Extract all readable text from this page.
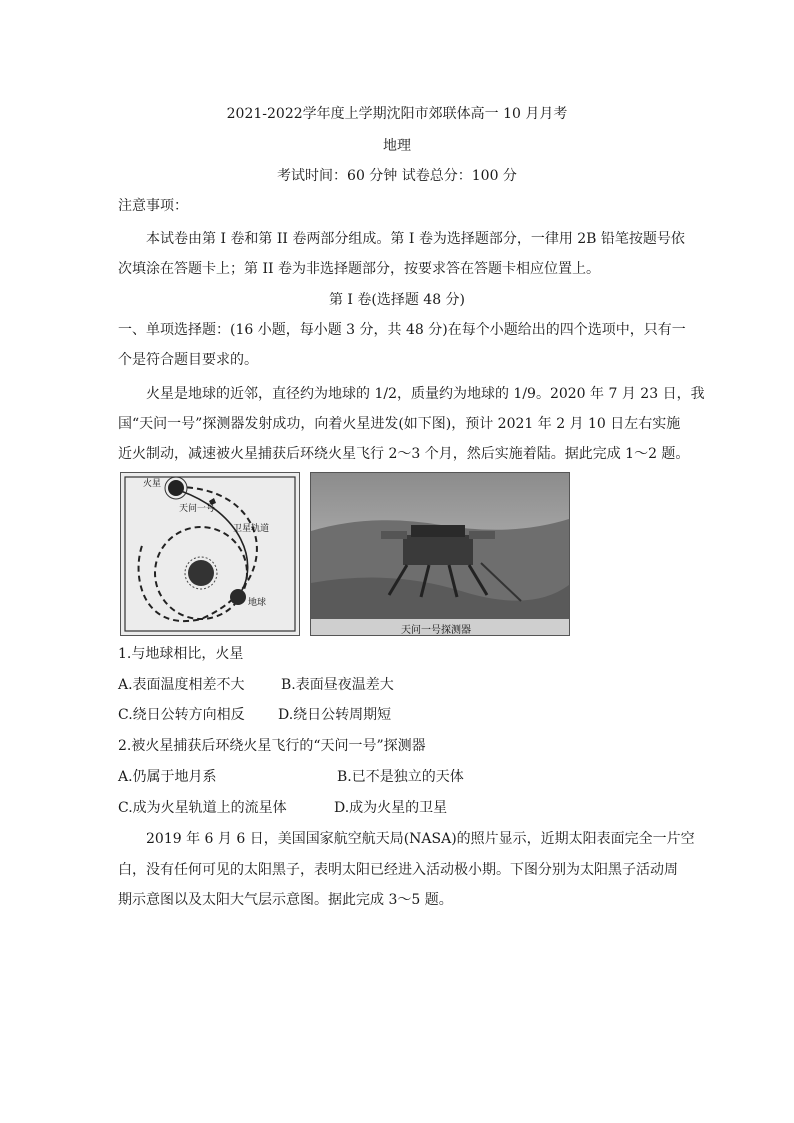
2021-2022学年度上学期沈阳市郊联体高一 10 月月考
地理
考试时间：60 分钟 试卷总分：100 分
注意事项：
本试卷由第 I 卷和第 II 卷两部分组成。第 I 卷为选择题部分，一律用 2B 铅笔按题号依
次填涂在答题卡上；第 II 卷为非选择题部分，按要求答在答题卡相应位置上。
第 I 卷(选择题 48 分)
一、单项选择题：(16 小题，每小题 3 分，共 48 分)在每个小题给出的四个选项中，只有一
个是符合题目要求的。
火星是地球的近邻，直径约为地球的 1/2，质量约为地球的 1/9。2020 年 7 月 23 日，我
国“天问一号”探测器发射成功，向着火星进发(如下图)，预计 2021 年 2 月 10 日左右实施
近火制动，减速被火星捕获后环绕火星飞行 2～3 个月，然后实施着陆。据此完成 1～2 题。
火星
天问一号
卫星轨道
地球
天问一号探测器
1.与地球相比，火星
A.表面温度相差不大	B.表面昼夜温差大
C.绕日公转方向相反 D.绕日公转周期短
2.被火星捕获后环绕火星飞行的“天问一号”探测器
A.仍属于地月系	B.已不是独立的天体
C.成为火星轨道上的流星体	D.成为火星的卫星
2019 年 6 月 6 日，美国国家航空航天局(NASA)的照片显示，近期太阳表面完全一片空
白，没有任何可见的太阳黑子，表明太阳已经进入活动极小期。下图分别为太阳黑子活动周
期示意图以及太阳大气层示意图。据此完成 3～5 题。
